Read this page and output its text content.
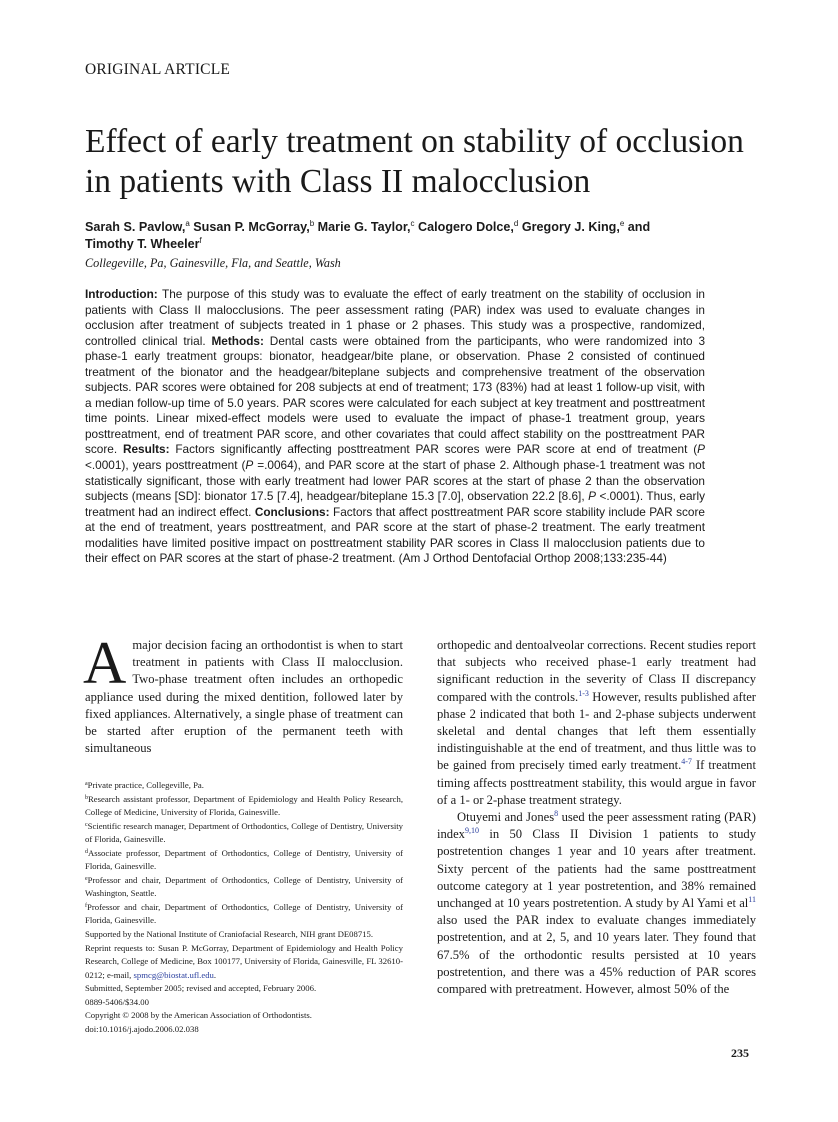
ORIGINAL ARTICLE
Effect of early treatment on stability of occlusion
in patients with Class II malocclusion
Sarah S. Pavlow,$^a$ Susan P. McGorray,$^b$ Marie G. Taylor,$^c$ Calogero Dolce,$^d$ Gregory J. King,$^e$ and
Timothy T. Wheeler$^f$
Collegeville, Pa, Gainesville, Fla, and Seattle, Wash

Introduction: The purpose of this study was to evaluate the effect of early treatment on the stability of occlusion in patients with Class II malocclusions. The peer assessment rating (PAR) index was used to evaluate changes in occlusion after treatment of subjects treated in 1 phase or 2 phases. This study was a prospective, randomized, controlled clinical trial. Methods: Dental casts were obtained from the participants, who were randomized into 3 phase-1 early treatment groups: bionator, headgear/bite plane, or observation. Phase 2 consisted of continued treatment of the bionator and the headgear/biteplane subjects and comprehensive treatment of the observation subjects. PAR scores were obtained for 208 subjects at end of treatment; 173 (83%) had at least 1 follow-up visit, with a median follow-up time of 5.0 years. PAR scores were calculated for each subject at key treatment and posttreatment time points. Linear mixed-effect models were used to evaluate the impact of phase-1 treatment group, years posttreatment, end of treatment PAR score, and other covariates that could affect stability on the posttreatment PAR score. Results: Factors significantly affecting posttreatment PAR scores were PAR score at end of treatment (P <.0001), years posttreatment (P =.0064), and PAR score at the start of phase 2. Although phase-1 treatment was not statistically significant, those with early treatment had lower PAR scores at the start of phase 2 than the observation subjects (means [SD]: bionator 17.5 [7.4], headgear/biteplane 15.3 [7.0], observation 22.2 [8.6], P <.0001). Thus, early treatment had an indirect effect. Conclusions: Factors that affect posttreatment PAR score stability include PAR score at the end of treatment, years posttreatment, and PAR score at the start of phase-2 treatment. The early treatment modalities have limited positive impact on posttreatment stability PAR scores in Class II malocclusion patients due to their effect on PAR scores at the start of phase-2 treatment. (Am J Orthod Dentofacial Orthop 2008;133:235-44)

Amajor decision facing an orthodontist is when to start treatment in patients with Class II malocclusion. Two-phase treatment often includes an orthopedic appliance used during the mixed dentition, followed later by fixed appliances. Alternatively, a single phase of treatment can be started after eruption of the permanent teeth with simultaneous

$^a$Private practice, Collegeville, Pa.
$^b$Research assistant professor, Department of Epidemiology and Health Policy Research, College of Medicine, University of Florida, Gainesville.
$^c$Scientific research manager, Department of Orthodontics, College of Dentistry, University of Florida, Gainesville.
$^d$Associate professor, Department of Orthodontics, College of Dentistry, University of Florida, Gainesville.
$^e$Professor and chair, Department of Orthodontics, College of Dentistry, University of Washington, Seattle.
$^f$Professor and chair, Department of Orthodontics, College of Dentistry, University of Florida, Gainesville.
Supported by the National Institute of Craniofacial Research, NIH grant DE08715.
Reprint requests to: Susan P. McGorray, Department of Epidemiology and Health Policy Research, College of Medicine, Box 100177, University of Florida, Gainesville, FL 32610-0212; e-mail, spmcg@biostat.ufl.edu.
Submitted, September 2005; revised and accepted, February 2006.
0889-5406/$34.00
Copyright © 2008 by the American Association of Orthodontists.
doi:10.1016/j.ajodo.2006.02.038

orthopedic and dentoalveolar corrections. Recent studies report that subjects who received phase-1 early treatment had significant reduction in the severity of Class II discrepancy compared with the controls.$^{1-3}$ However, results published after phase 2 indicated that both 1- and 2-phase subjects underwent skeletal and dental changes that left them essentially indistinguishable at the end of treatment, and thus little was to be gained from precisely timed early treatment.$^{4-7}$ If treatment timing affects posttreatment stability, this would argue in favor of a 1- or 2-phase treatment strategy.

Otuyemi and Jones$^8$ used the peer assessment rating (PAR) index$^{9,10}$ in 50 Class II Division 1 patients to study postretention changes 1 year and 10 years after treatment. Sixty percent of the patients had the same posttreatment outcome category at 1 year postretention, and 38% remained unchanged at 10 years postretention. A study by Al Yami et al$^{11}$ also used the PAR index to evaluate changes immediately postretention, and at 2, 5, and 10 years later. They found that 67.5% of the orthodontic results persisted at 10 years postretention, and there was a 45% reduction of PAR scores compared with pretreatment. However, almost 50% of the

235
